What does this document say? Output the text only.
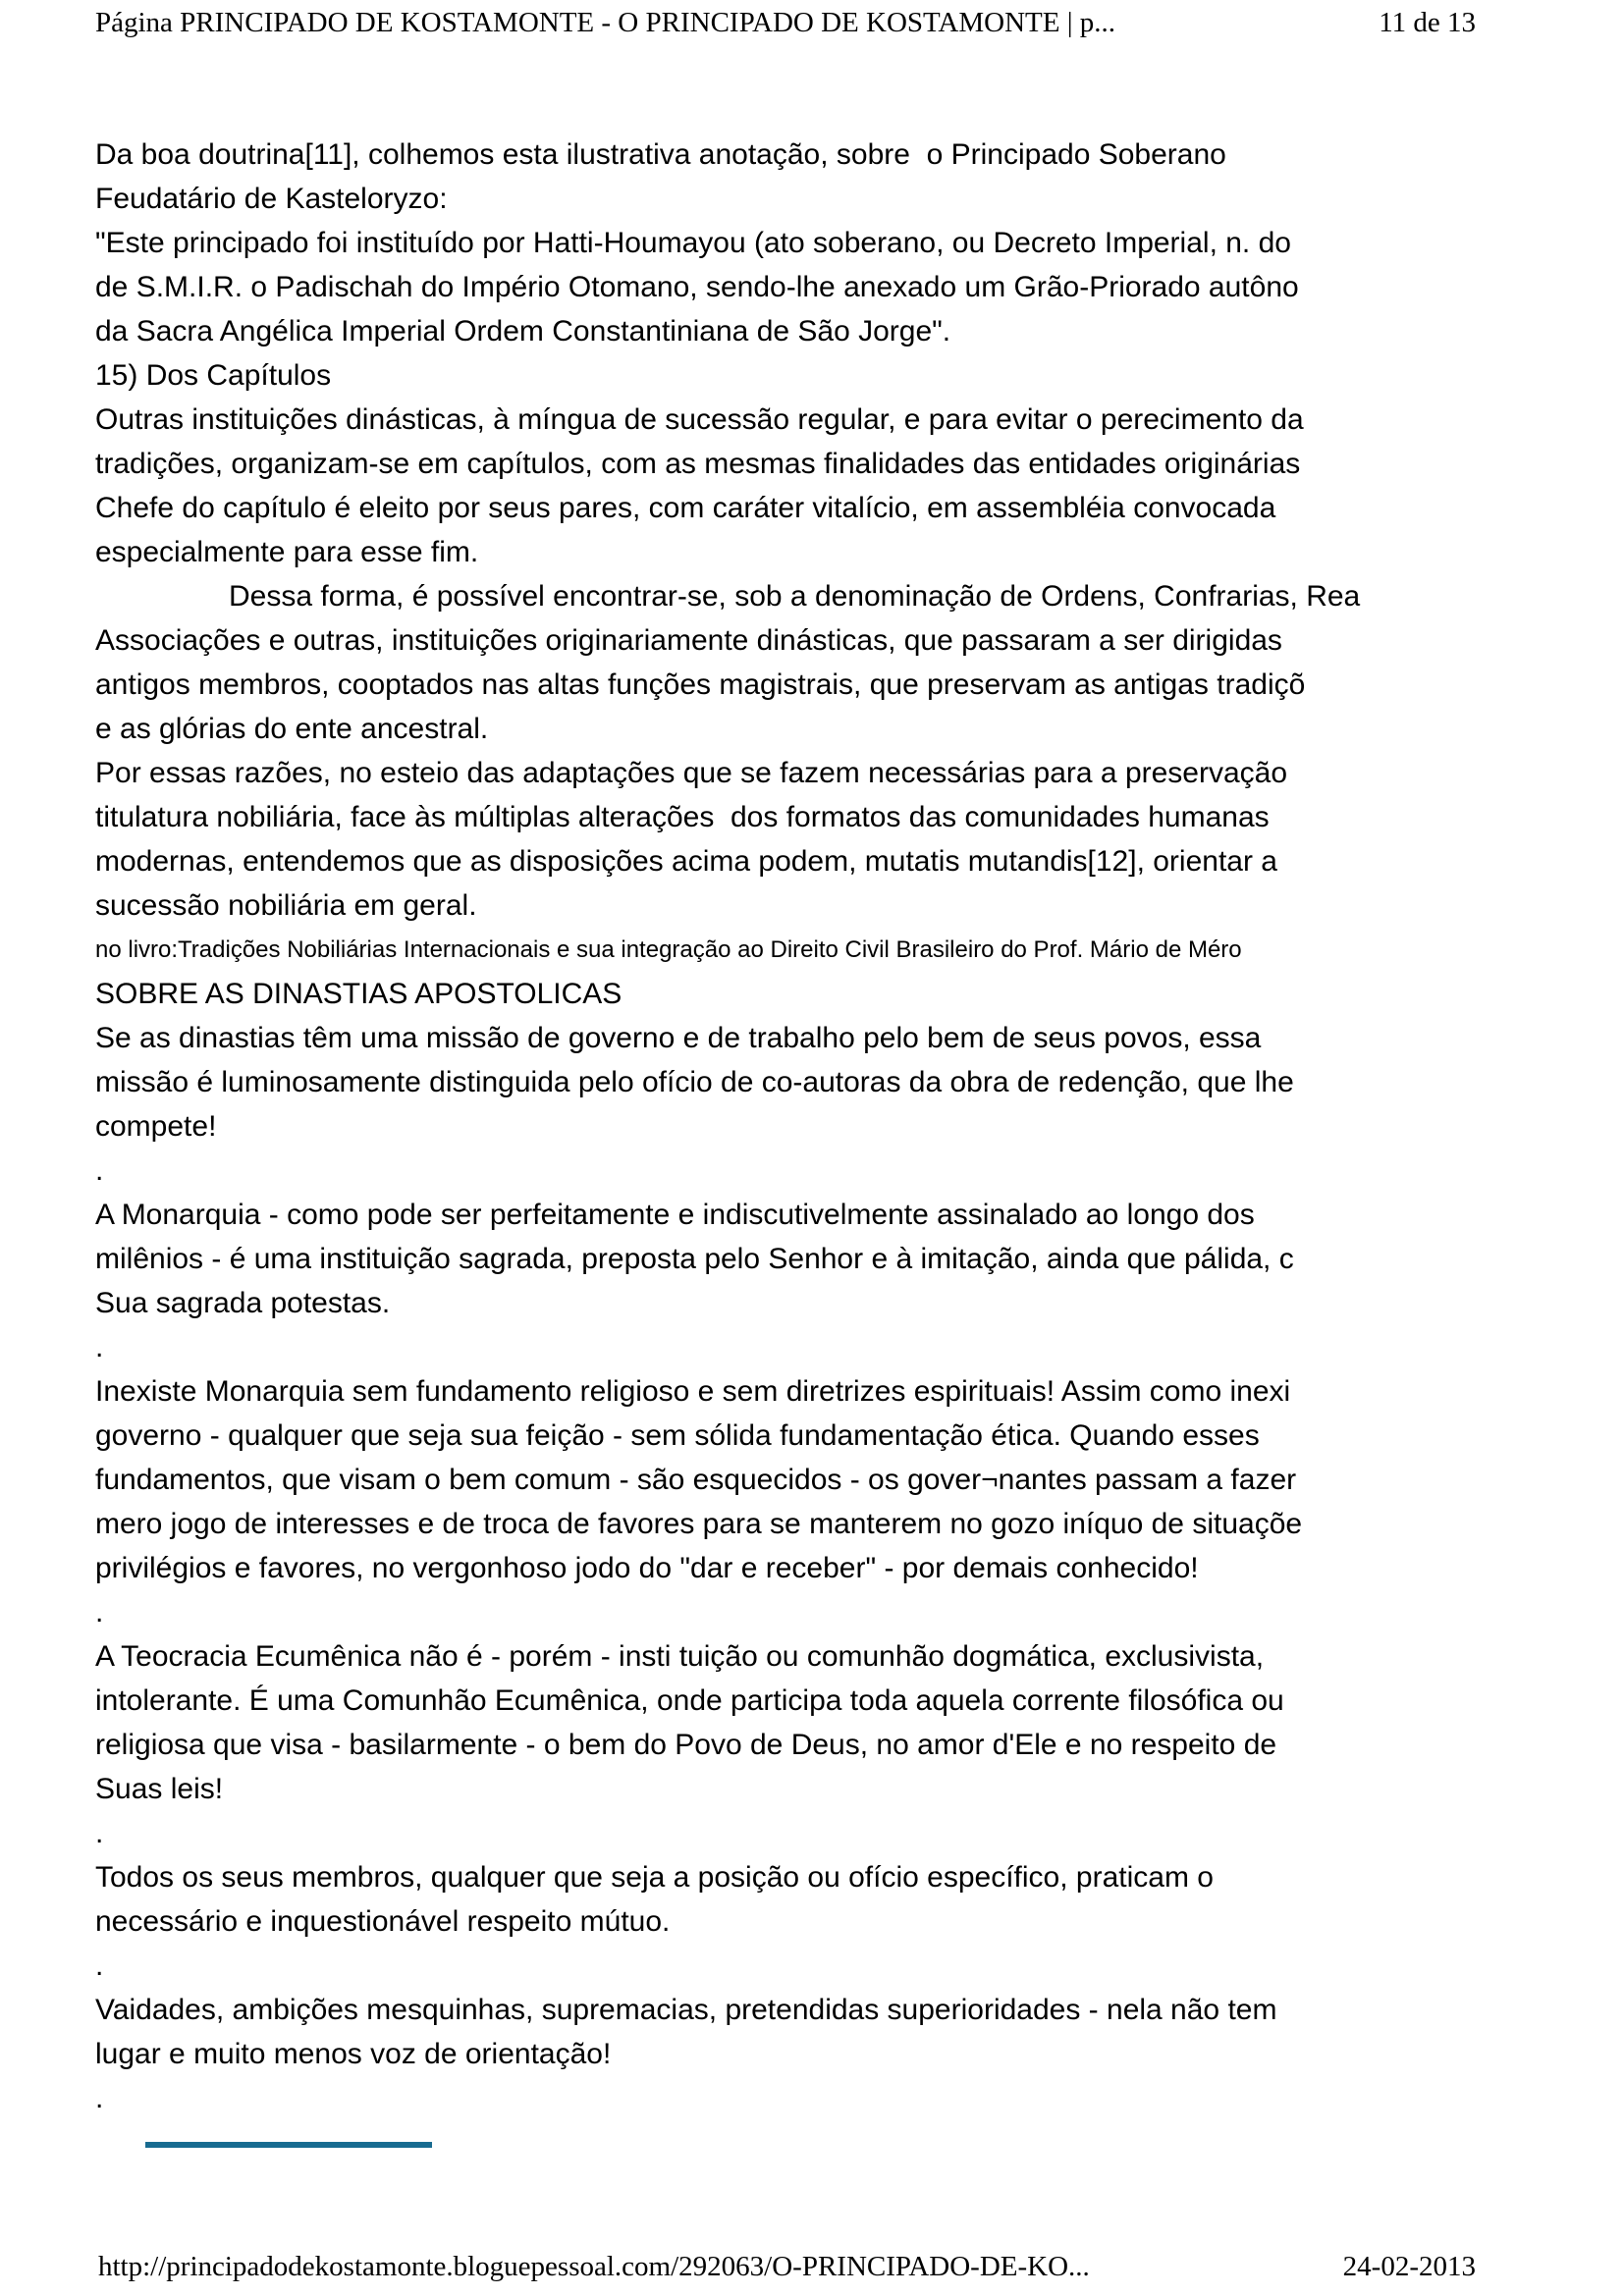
Página PRINCIPADO DE KOSTAMONTE - O PRINCIPADO DE KOSTAMONTE | p...	11 de 13
Da boa doutrina[11], colhemos esta ilustrativa anotação, sobre  o Principado Soberano
Feudatário de Kasteloryzo:
"Este principado foi instituído por Hatti-Houmayou (ato soberano, ou Decreto Imperial, n. do
de S.M.I.R. o Padischah do Império Otomano, sendo-lhe anexado um Grão-Priorado autôno
da Sacra Angélica Imperial Ordem Constantiniana de São Jorge".
15) Dos Capítulos
Outras instituições dinásticas, à míngua de sucessão regular, e para evitar o perecimento da
tradições, organizam-se em capítulos, com as mesmas finalidades das entidades originárias
Chefe do capítulo é eleito por seus pares, com caráter vitalício, em assembléia convocada
especialmente para esse fim.
Dessa forma, é possível encontrar-se, sob a denominação de Ordens, Confrarias, Rea
Associações e outras, instituições originariamente dinásticas, que passaram a ser dirigidas
antigos membros, cooptados nas altas funções magistrais, que preservam as antigas tradiçõ
e as glórias do ente ancestral.
Por essas razões, no esteio das adaptações que se fazem necessárias para a preservação
titulatura nobiliária, face às múltiplas alterações  dos formatos das comunidades humanas
modernas, entendemos que as disposições acima podem, mutatis mutandis[12], orientar a
sucessão nobiliária em geral.
no livro:Tradições Nobiliárias Internacionais e sua integração ao Direito Civil Brasileiro do Prof. Mário de Méro
SOBRE AS DINASTIAS APOSTOLICAS
Se as dinastias têm uma missão de governo e de trabalho pelo bem de seus povos, essa
missão é luminosamente distinguida pelo ofício de co-autoras da obra de redenção, que lhe
compete!
.
A Monarquia - como pode ser perfeitamente e indiscutivelmente assinalado ao longo dos
milênios - é uma instituição sagrada, preposta pelo Senhor e à imitação, ainda que pálida, c
Sua sagrada potestas.
.
Inexiste Monarquia sem fundamento religioso e sem diretrizes espirituais! Assim como inexi
governo - qualquer que seja sua feição - sem sólida fundamentação ética. Quando esses
fundamentos, que visam o bem comum - são esquecidos - os gover¬nantes passam a fazer
mero jogo de interesses e de troca de favores para se manterem no gozo iníquo de situaçõe
privilégios e favores, no vergonhoso jodo do "dar e receber" - por demais conhecido!
.
A Teocracia Ecumênica não é - porém - insti tuição ou comunhão dogmática, exclusivista,
intolerante. É uma Comunhão Ecumênica, onde participa toda aquela corrente filosófica ou
religiosa que visa - basilarmente - o bem do Povo de Deus, no amor d'Ele e no respeito de
Suas leis!
.
Todos os seus membros, qualquer que seja a posição ou ofício específico, praticam o
necessário e inquestionável respeito mútuo.
.
Vaidades, ambições mesquinhas, supremacias, pretendidas superioridades - nela não tem
lugar e muito menos voz de orientação!
.
http://principadodekostamonte.bloguepessoal.com/292063/O-PRINCIPADO-DE-KO...	24-02-2013
